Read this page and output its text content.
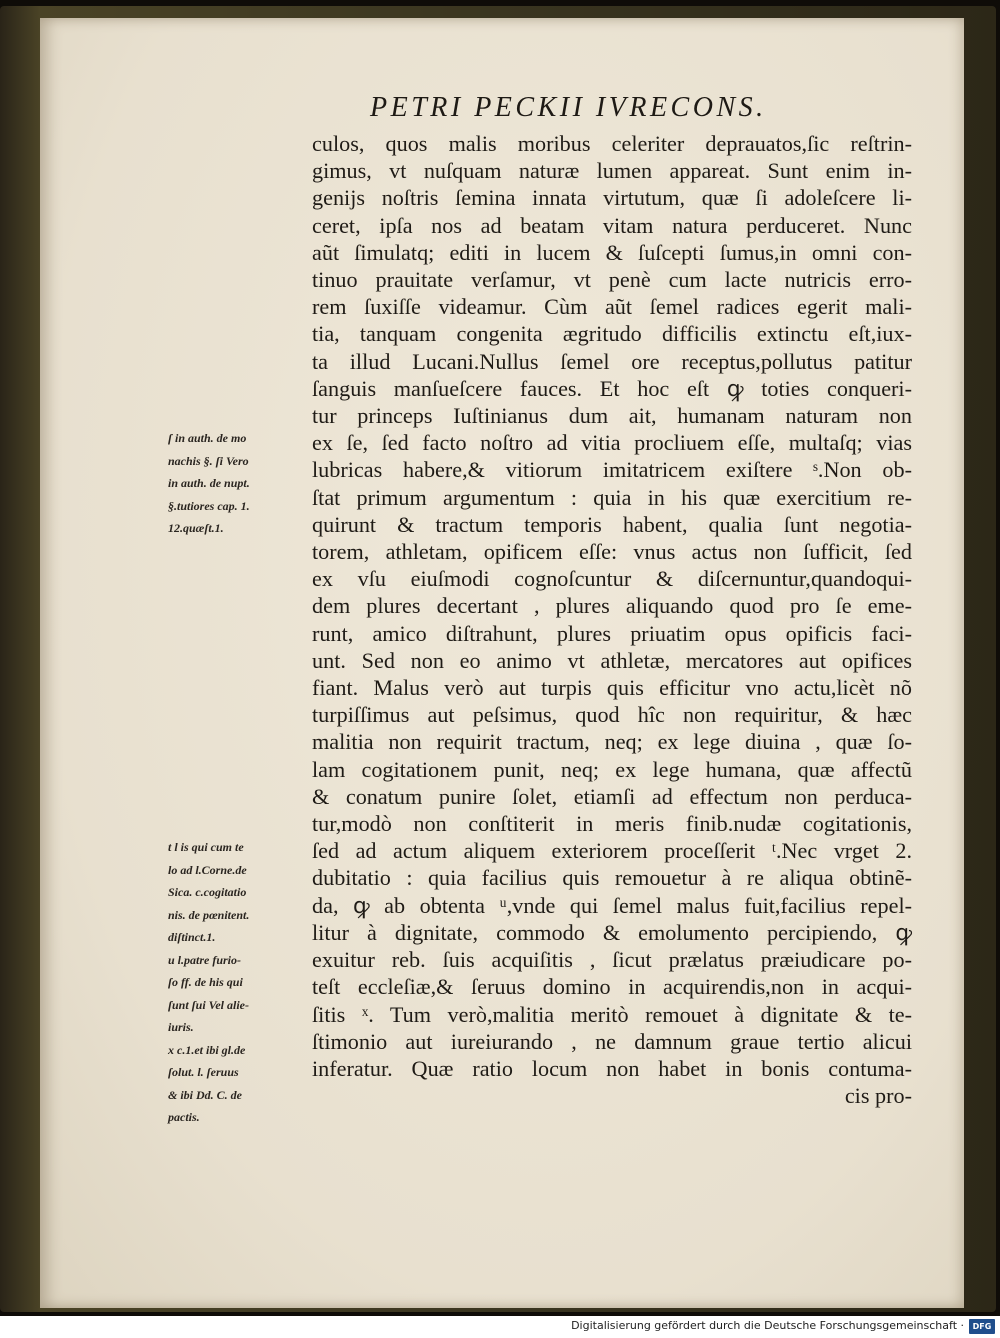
PETRI PECKII IVRECONS.
culos, quos malis moribus celeriter deprauatos,ſic reſtrin-
gimus, vt nuſquam naturæ lumen appareat. Sunt enim in-
genijs noſtris ſemina innata virtutum, quæ ſi adoleſcere li-
ceret, ipſa nos ad beatam vitam natura perduceret. Nunc
aũt ſimulatq; editi in lucem & ſuſcepti ſumus,in omni con-
tinuo prauitate verſamur, vt penè cum lacte nutricis erro-
rem ſuxiſſe videamur. Cùm aũt ſemel radices egerit mali-
tia, tanquam congenita ægritudo difficilis extinctu eſt,iux-
ta illud Lucani.Nullus ſemel ore receptus,pollutus patitur
ſanguis manſueſcere fauces. Et hoc eſt ꝙ toties conqueri-
tur princeps Iuſtinianus dum ait, humanam naturam non
ex ſe, ſed facto noſtro ad vitia procliuem eſſe, multaſq; vias
lubricas habere,& vitiorum imitatricem exiſtere ˢ.Non ob-
ſtat primum argumentum : quia in his quæ exercitium re-
quirunt & tractum temporis habent, qualia ſunt negotia-
torem, athletam, opificem eſſe: vnus actus non ſufficit, ſed
ex vſu eiuſmodi cognoſcuntur & diſcernuntur,quandoqui-
dem plures decertant , plures aliquando quod pro ſe eme-
runt, amico diſtrahunt, plures priuatim opus opificis faci-
unt. Sed non eo animo vt athletæ, mercatores aut opifices
fiant. Malus verò aut turpis quis efficitur vno actu,licèt nõ
turpiſſimus aut peſsimus, quod hîc non requiritur, & hæc
malitia non requirit tractum, neq; ex lege diuina , quæ ſo-
lam cogitationem punit, neq; ex lege humana, quæ affectũ
& conatum punire ſolet, etiamſi ad effectum non perduca-
tur,modò non conſtiterit in meris finib.nudæ cogitationis,
ſed ad actum aliquem exteriorem proceſſerit ᵗ.Nec vrget 2.
dubitatio : quia facilius quis remouetur à re aliqua obtinẽ-
da, ꝙ ab obtenta ᵘ,vnde qui ſemel malus fuit,facilius repel-
litur à dignitate, commodo & emolumento percipiendo, ꝙ
exuitur reb. ſuis acquiſitis , ſicut prælatus præiudicare po-
teſt eccleſiæ,& ſeruus domino in acquirendis,non in acqui-
ſitis ˣ. Tum verò,malitia meritò remouet à dignitate & te-
ſtimonio aut iureiurando , ne damnum graue tertio alicui
inferatur. Quæ ratio locum non habet in bonis contuma-
cis pro-
ſ in auth. de mo
nachis §. ſi Vero
in auth. de nupt.
§.tutiores cap. 1.
12.quæſt.1.
t l is qui cum te
lo ad l.Corne.de
Sica. c.cogitatio
nis. de pœnitent.
diſtinct.1.
u l.patre furio-
ſo ff. de his qui
ſunt ſui Vel alie-
iuris.
x c.1.et ibi gl.de
ſolut. l. ſeruus
& ibi Dd. C. de
pactis.
Digitalisierung gefördert durch die Deutsche Forschungsgemeinschaft ·	DFG
